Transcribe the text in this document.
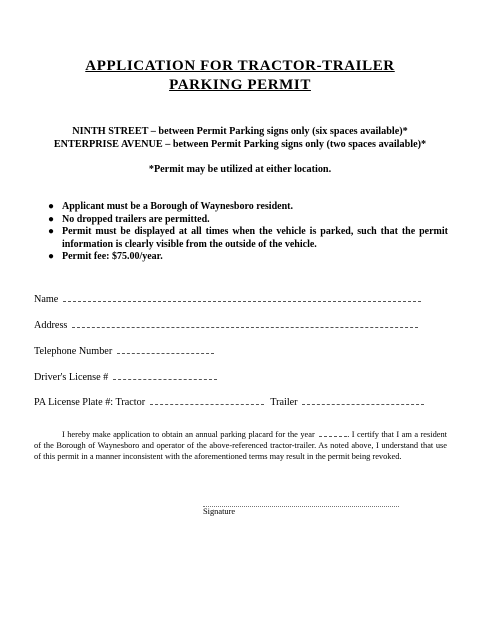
APPLICATION FOR TRACTOR-TRAILER
PARKING PERMIT
NINTH STREET – between Permit Parking signs only (six spaces available)*
ENTERPRISE AVENUE – between Permit Parking signs only (two spaces available)*
*Permit may be utilized at either location.
● Applicant must be a Borough of Waynesboro resident.
● No dropped trailers are permitted.
● Permit must be displayed at all times when the vehicle is parked, such that the permit information is clearly visible from the outside of the vehicle.
● Permit fee: $75.00/year.
Name
Address
Telephone Number
Driver's License #
PA License Plate #: Tractor	Trailer
I hereby make application to obtain an annual parking placard for the year	. I certify that I am a resident of the Borough of Waynesboro and operator of the above-referenced tractor-trailer. As noted above, I understand that use of this permit in a manner inconsistent with the aforementioned terms may result in the permit being revoked.
Signature
